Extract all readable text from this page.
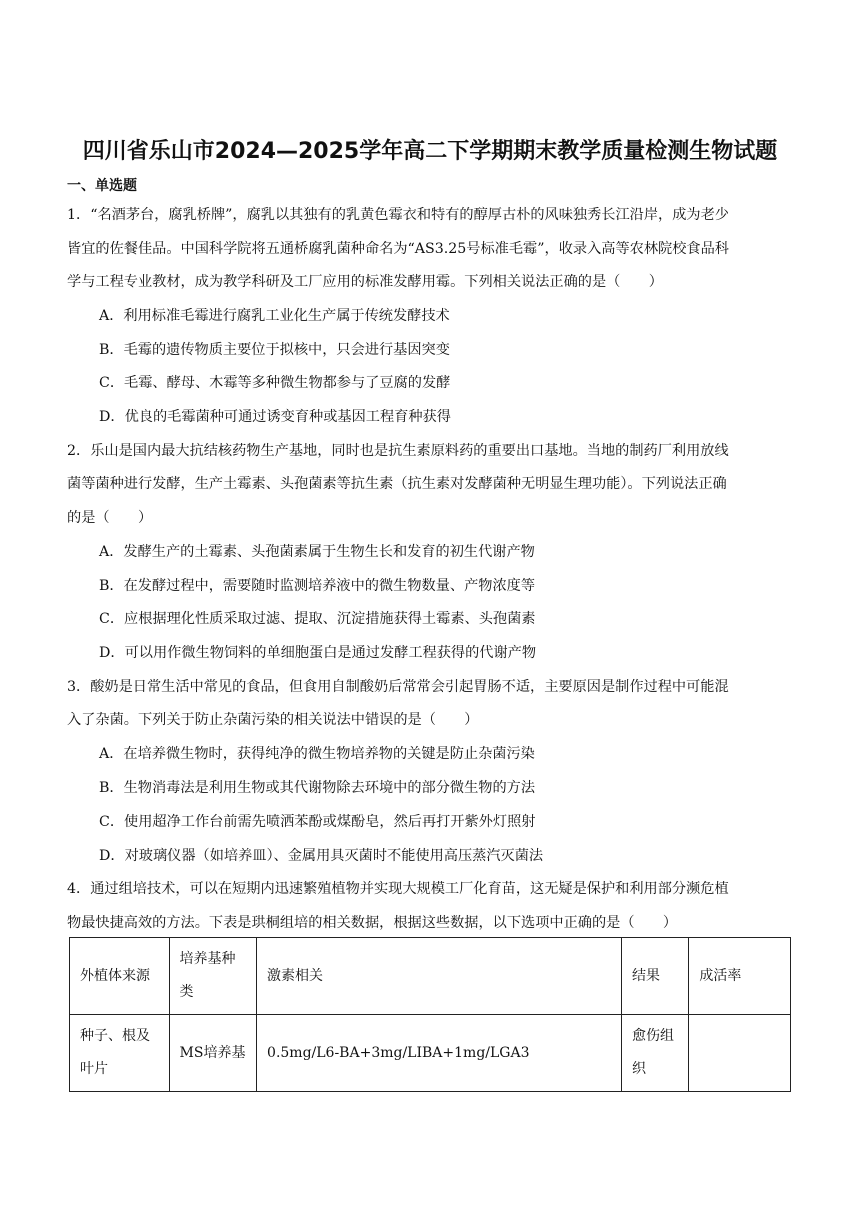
四川省乐山市2024—2025学年高二下学期期末教学质量检测生物试题
一、单选题
1．“名酒茅台，腐乳桥牌”，腐乳以其独有的乳黄色霉衣和特有的醇厚古朴的风味独秀长江沿岸，成为老少
皆宜的佐餐佳品。中国科学院将五通桥腐乳菌种命名为“AS3.25号标准毛霉”，收录入高等农林院校食品科
学与工程专业教材，成为教学科研及工厂应用的标准发酵用霉。下列相关说法正确的是（　　）
A．利用标准毛霉进行腐乳工业化生产属于传统发酵技术
B．毛霉的遗传物质主要位于拟核中，只会进行基因突变
C．毛霉、酵母、木霉等多种微生物都参与了豆腐的发酵
D．优良的毛霉菌种可通过诱变育种或基因工程育种获得
2．乐山是国内最大抗结核药物生产基地，同时也是抗生素原料药的重要出口基地。当地的制药厂利用放线
菌等菌种进行发酵，生产土霉素、头孢菌素等抗生素（抗生素对发酵菌种无明显生理功能）。下列说法正确
的是（　　）
A．发酵生产的土霉素、头孢菌素属于生物生长和发育的初生代谢产物
B．在发酵过程中，需要随时监测培养液中的微生物数量、产物浓度等
C．应根据理化性质采取过滤、提取、沉淀措施获得土霉素、头孢菌素
D．可以用作微生物饲料的单细胞蛋白是通过发酵工程获得的代谢产物
3．酸奶是日常生活中常见的食品，但食用自制酸奶后常常会引起胃肠不适，主要原因是制作过程中可能混
入了杂菌。下列关于防止杂菌污染的相关说法中错误的是（　　）
A．在培养微生物时，获得纯净的微生物培养物的关键是防止杂菌污染
B．生物消毒法是利用生物或其代谢物除去环境中的部分微生物的方法
C．使用超净工作台前需先喷洒苯酚或煤酚皂，然后再打开紫外灯照射
D．对玻璃仪器（如培养皿）、金属用具灭菌时不能使用高压蒸汽灭菌法
4．通过组培技术，可以在短期内迅速繁殖植物并实现大规模工厂化育苗，这无疑是保护和利用部分濒危植
物最快捷高效的方法。下表是珙桐组培的相关数据，根据这些数据，以下选项中正确的是（　　）
外植体来源	培养基种类	激素相关	结果	成活率
种子、根及叶片	MS培养基	0.5mg/L6-BA+3mg/LIBA+1mg/LGA3	愈伤组织	
